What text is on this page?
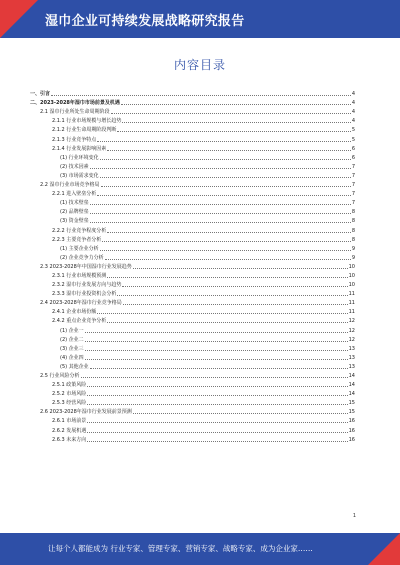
湿巾企业可持续发展战略研究报告
内容目录
一、引言	4
二、2023-2028年湿巾市场前景及机遇	4
2.1 湿巾行业所处生命周期阶段	4
2.1.1 行业市场规模与增长趋势	4
2.1.2 行业生命周期阶段判断	5
2.1.3 行业竞争特点	5
2.1.4 行业发展影响因素	6
(1) 行业环境变化	6
(2) 技术因素	7
(3) 市场需求变化	7
2.2 湿巾行业市场竞争格局	7
2.2.1 进入壁垒分析	7
(1) 技术壁垒	7
(2) 品牌壁垒	8
(3) 资金壁垒	8
2.2.2 行业竞争程度分析	8
2.2.3 主要竞争者分析	8
(1) 主要企业分析	9
(2) 企业竞争力分析	9
2.3 2023-2028年中国湿巾行业发展趋势	10
2.3.1 行业市场规模预测	10
2.3.2 湿巾行业发展方向与趋势	10
2.3.3 湿巾行业投资机会分析	11
2.4 2023-2028年湿巾行业竞争格局	11
2.4.1 企业市场份额	11
2.4.2 重点企业竞争分析	12
(1) 企业一	12
(2) 企业二	12
(3) 企业三	13
(4) 企业四	13
(5) 其他企业	13
2.5 行业风险分析	14
2.5.1 政策风险	14
2.5.2 市场风险	14
2.5.3 经营风险	15
2.6 2023-2028年湿巾行业发展前景预测	15
2.6.1 市场前景	16
2.6.2 发展机遇	16
2.6.3 未来方向	16
1
让每个人都能成为 行业专家、管理专家、营销专家、战略专家、成为企业家……
